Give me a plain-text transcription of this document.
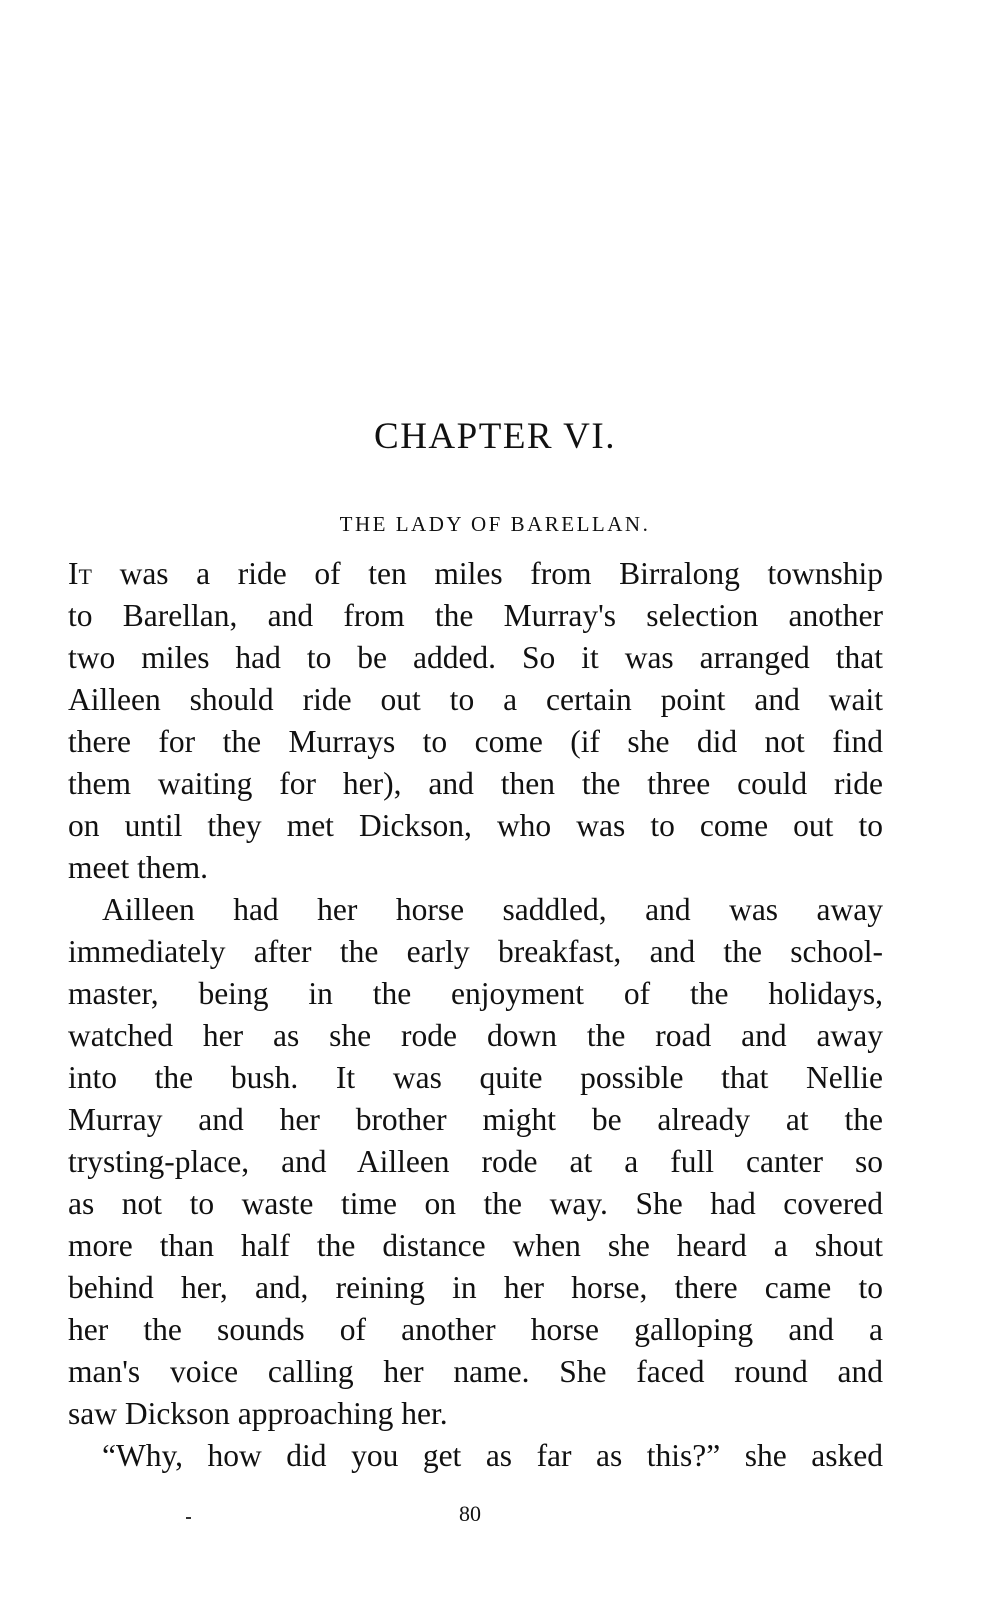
CHAPTER VI.
THE LADY OF BARELLAN.
It was a ride of ten miles from Birralong township
to Barellan, and from the Murray's selection another
two miles had to be added. So it was arranged that
Ailleen should ride out to a certain point and wait
there for the Murrays to come (if she did not find
them waiting for her), and then the three could ride
on until they met Dickson, who was to come out to
meet them.
Ailleen had her horse saddled, and was away
immediately after the early breakfast, and the school-
master, being in the enjoyment of the holidays,
watched her as she rode down the road and away
into the bush. It was quite possible that Nellie
Murray and her brother might be already at the
trysting-place, and Ailleen rode at a full canter so
as not to waste time on the way. She had covered
more than half the distance when she heard a shout
behind her, and, reining in her horse, there came to
her the sounds of another horse galloping and a
man's voice calling her name. She faced round and
saw Dickson approaching her.
“Why, how did you get as far as this?” she asked
80
